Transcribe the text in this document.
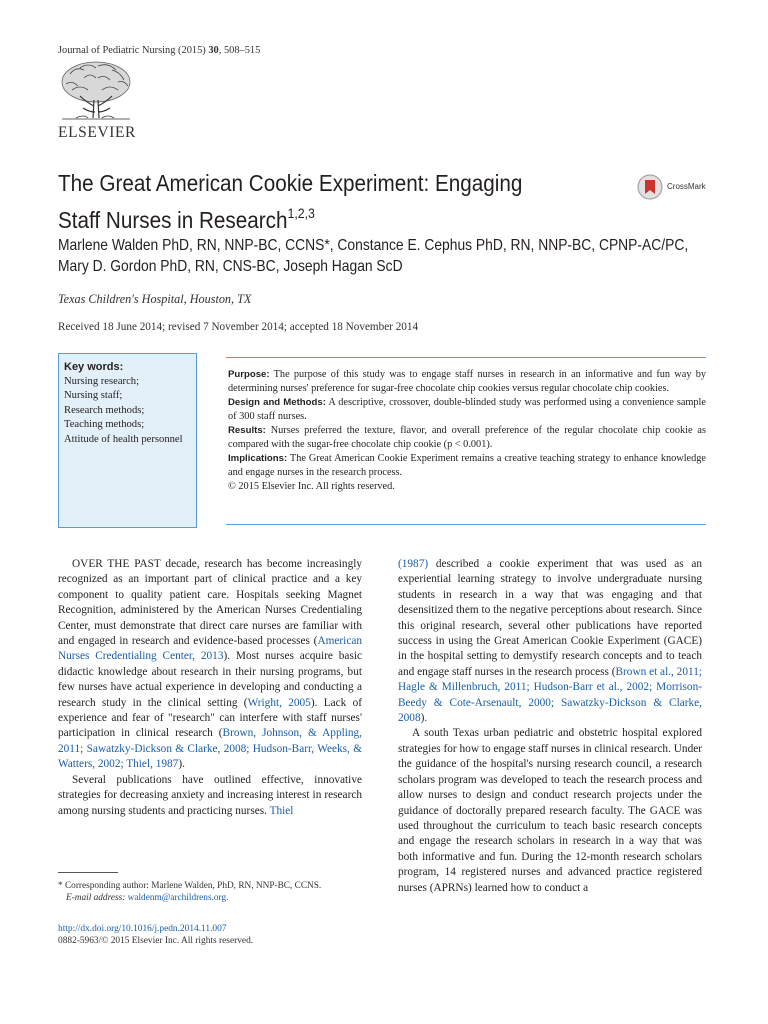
Journal of Pediatric Nursing (2015) 30, 508–515
ELSEVIER
The Great American Cookie Experiment: Engaging Staff Nurses in Research$^{1,2,3}$
CrossMark
Marlene Walden PhD, RN, NNP-BC, CCNS*, Constance E. Cephus PhD, RN, NNP-BC, CPNP-AC/PC,
Mary D. Gordon PhD, RN, CNS-BC, Joseph Hagan ScD
Texas Children's Hospital, Houston, TX
Received 18 June 2014; revised 7 November 2014; accepted 18 November 2014
Key words:
Nursing research;
Nursing staff;
Research methods;
Teaching methods;
Attitude of health personnel

Purpose: The purpose of this study was to engage staff nurses in research in an informative and fun way by determining nurses' preference for sugar-free chocolate chip cookies versus regular chocolate chip cookies.

Design and Methods: A descriptive, crossover, double-blinded study was performed using a convenience sample of 300 staff nurses.

Results: Nurses preferred the texture, flavor, and overall preference of the regular chocolate chip cookie as compared with the sugar-free chocolate chip cookie (p < 0.001).

Implications: The Great American Cookie Experiment remains a creative teaching strategy to enhance knowledge and engage nurses in the research process.

© 2015 Elsevier Inc. All rights reserved.

OVER THE PAST decade, research has become increasingly recognized as an important part of clinical practice and a key component to quality patient care. Hospitals seeking Magnet Recognition, administered by the American Nurses Credentialing Center, must demonstrate that direct care nurses are familiar with and engaged in research and evidence-based processes (American Nurses Credentialing Center, 2013). Most nurses acquire basic didactic knowledge about research in their nursing programs, but few nurses have actual experience in developing and conducting a research study in the clinical setting (Wright, 2005). Lack of experience and fear of "research" can interfere with staff nurses' participation in clinical research (Brown, Johnson, & Appling, 2011; Sawatzky-Dickson & Clarke, 2008; Hudson-Barr, Weeks, & Watters, 2002; Thiel, 1987).

Several publications have outlined effective, innovative strategies for decreasing anxiety and increasing interest in research among nursing students and practicing nurses. Thiel

(1987) described a cookie experiment that was used as an experiential learning strategy to involve undergraduate nursing students in research in a way that was engaging and that desensitized them to the negative perceptions about research. Since this original research, several other publications have reported success in using the Great American Cookie Experiment (GACE) in the hospital setting to demystify research concepts and to teach and engage staff nurses in the research process (Brown et al., 2011; Hagle & Millenbruch, 2011; Hudson-Barr et al., 2002; Morrison-Beedy & Cote-Arsenault, 2000; Sawatzky-Dickson & Clarke, 2008).

A south Texas urban pediatric and obstetric hospital explored strategies for how to engage staff nurses in clinical research. Under the guidance of the hospital's nursing research council, a research scholars program was developed to teach the research process and allow nurses to design and conduct research projects under the guidance of doctorally prepared research faculty. The GACE was used throughout the curriculum to teach basic research concepts and engage the research scholars in research in a way that was both informative and fun. During the 12-month research scholars program, 14 registered nurses and advanced practice registered nurses (APRNs) learned how to conduct a

* Corresponding author: Marlene Walden, PhD, RN, NNP-BC, CCNS.
E-mail address: waldenm@archildrens.org.
http://dx.doi.org/10.1016/j.pedn.2014.11.007
0882-5963/© 2015 Elsevier Inc. All rights reserved.
